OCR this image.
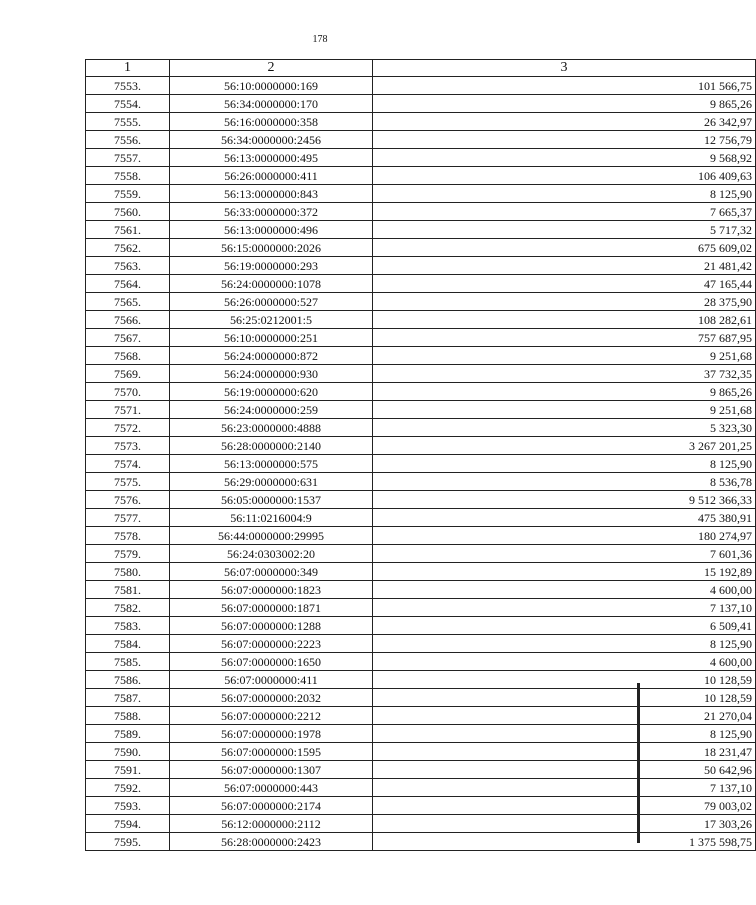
178
1	2	3
7553.	56:10:0000000:169	101 566,75
7554.	56:34:0000000:170	9 865,26
7555.	56:16:0000000:358	26 342,97
7556.	56:34:0000000:2456	12 756,79
7557.	56:13:0000000:495	9 568,92
7558.	56:26:0000000:411	106 409,63
7559.	56:13:0000000:843	8 125,90
7560.	56:33:0000000:372	7 665,37
7561.	56:13:0000000:496	5 717,32
7562.	56:15:0000000:2026	675 609,02
7563.	56:19:0000000:293	21 481,42
7564.	56:24:0000000:1078	47 165,44
7565.	56:26:0000000:527	28 375,90
7566.	56:25:0212001:5	108 282,61
7567.	56:10:0000000:251	757 687,95
7568.	56:24:0000000:872	9 251,68
7569.	56:24:0000000:930	37 732,35
7570.	56:19:0000000:620	9 865,26
7571.	56:24:0000000:259	9 251,68
7572.	56:23:0000000:4888	5 323,30
7573.	56:28:0000000:2140	3 267 201,25
7574.	56:13:0000000:575	8 125,90
7575.	56:29:0000000:631	8 536,78
7576.	56:05:0000000:1537	9 512 366,33
7577.	56:11:0216004:9	475 380,91
7578.	56:44:0000000:29995	180 274,97
7579.	56:24:0303002:20	7 601,36
7580.	56:07:0000000:349	15 192,89
7581.	56:07:0000000:1823	4 600,00
7582.	56:07:0000000:1871	7 137,10
7583.	56:07:0000000:1288	6 509,41
7584.	56:07:0000000:2223	8 125,90
7585.	56:07:0000000:1650	4 600,00
7586.	56:07:0000000:411	10 128,59
7587.	56:07:0000000:2032	10 128,59
7588.	56:07:0000000:2212	21 270,04
7589.	56:07:0000000:1978	8 125,90
7590.	56:07:0000000:1595	18 231,47
7591.	56:07:0000000:1307	50 642,96
7592.	56:07:0000000:443	7 137,10
7593.	56:07:0000000:2174	79 003,02
7594.	56:12:0000000:2112	17 303,26
7595.	56:28:0000000:2423	1 375 598,75
